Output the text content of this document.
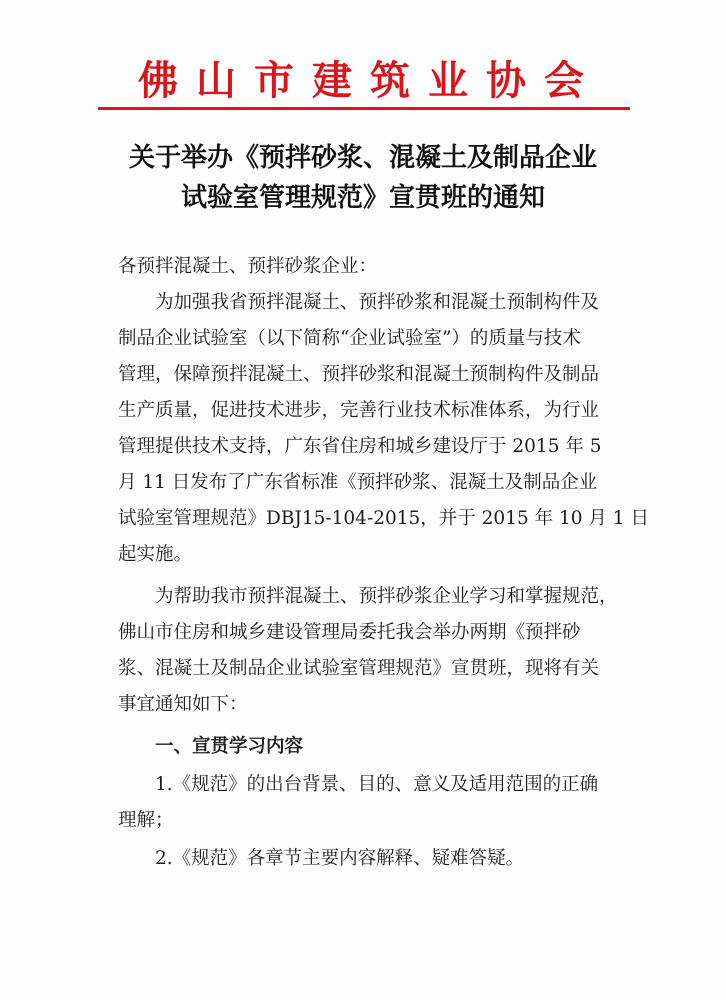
佛山市建筑业协会
关于举办《预拌砂浆、混凝土及制品企业
试验室管理规范》宣贯班的通知
各预拌混凝土、预拌砂浆企业：
　　为加强我省预拌混凝土、预拌砂浆和混凝土预制构件及
制品企业试验室（以下简称“企业试验室”）的质量与技术
管理，保障预拌混凝土、预拌砂浆和混凝土预制构件及制品
生产质量，促进技术进步，完善行业技术标准体系，为行业
管理提供技术支持，广东省住房和城乡建设厅于 2015 年 5
月 11 日发布了广东省标准《预拌砂浆、混凝土及制品企业
试验室管理规范》DBJ15-104-2015，并于 2015 年 10 月 1 日
起实施。
　　为帮助我市预拌混凝土、预拌砂浆企业学习和掌握规范，
佛山市住房和城乡建设管理局委托我会举办两期《预拌砂
浆、混凝土及制品企业试验室管理规范》宣贯班，现将有关
事宜通知如下：
　　一、宣贯学习内容
　　1.《规范》的出台背景、目的、意义及适用范围的正确
理解；
　　2.《规范》各章节主要内容解释、疑难答疑。
